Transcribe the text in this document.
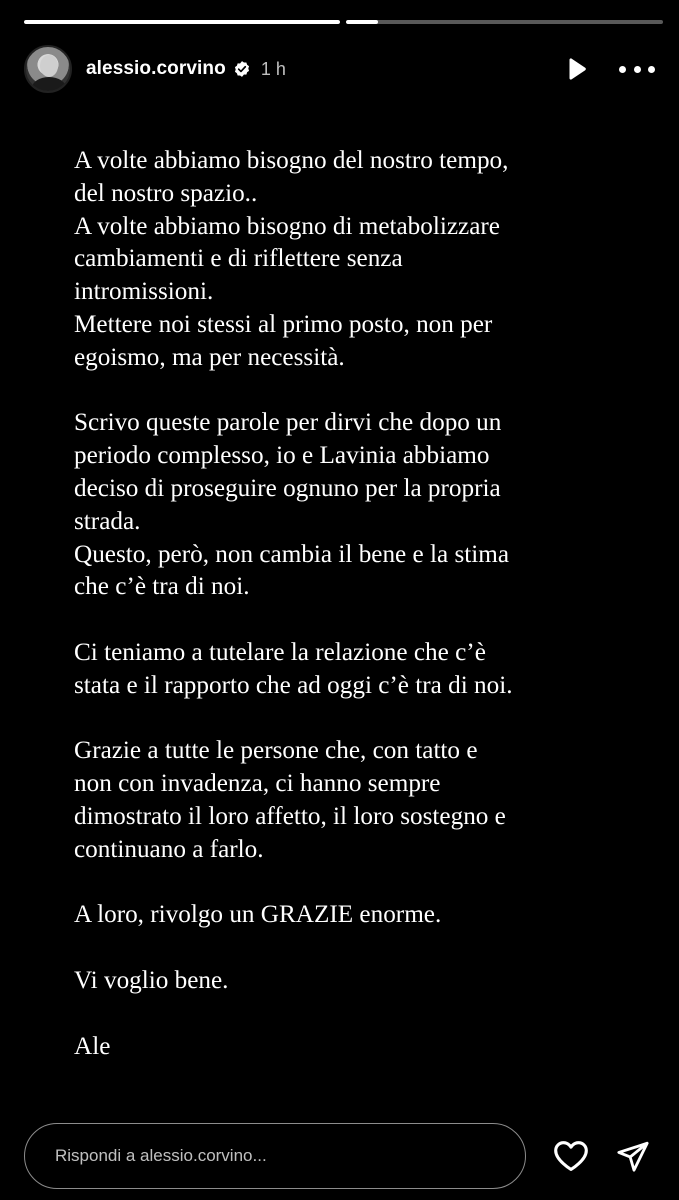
alessio.corvino 1 h
A volte abbiamo bisogno del nostro tempo,
del nostro spazio..
A volte abbiamo bisogno di metabolizzare
cambiamenti e di riflettere senza
intromissioni.
Mettere noi stessi al primo posto, non per
egoismo, ma per necessità.
Scrivo queste parole per dirvi che dopo un
periodo complesso, io e Lavinia abbiamo
deciso di proseguire ognuno per la propria
strada.
Questo, però, non cambia il bene e la stima
che c’è tra di noi.
Ci teniamo a tutelare la relazione che c’è
stata e il rapporto che ad oggi c’è tra di noi.
Grazie a tutte le persone che, con tatto e
non con invadenza, ci hanno sempre
dimostrato il loro affetto, il loro sostegno e
continuano a farlo.
A loro, rivolgo un GRAZIE enorme.
Vi voglio bene.
Ale
Rispondi a alessio.corvino...
